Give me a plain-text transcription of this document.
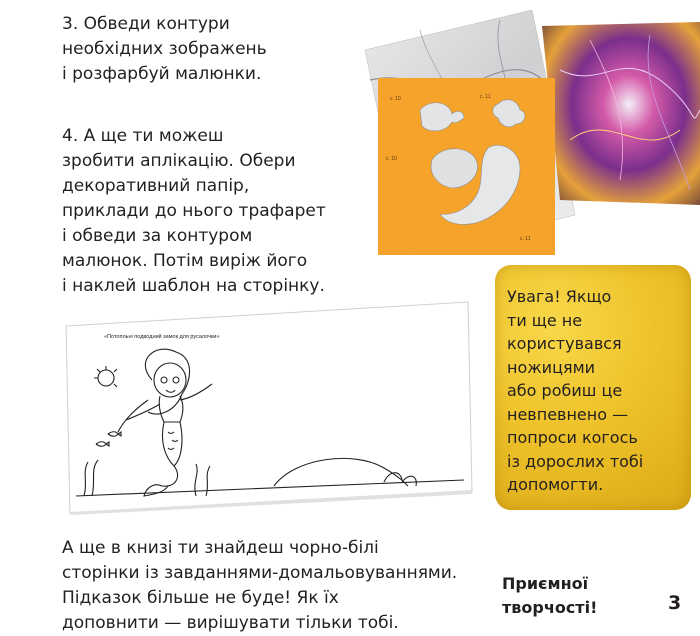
3. Обведи контури
необхідних зображень
і розфарбуй малюнки.
4. А ще ти можеш
зробити аплікацію. Обери
декоративний папір,
приклади до нього трафарет
і обведи за контуром
малюнок. Потім виріж його
і наклей шаблон на сторінку.
с. 10	с. 11
с. 10
с. 11
«Потопльні подводний замок для русалочки»
Увага! Якщо
ти ще не
користувався
ножицями
або робиш це
невпевнено —
попроси когось
із дорослих тобі
допомогти.
А ще в книзі ти знайдеш чорно-білі
сторінки із завданнями-домальовуваннями.
Підказок більше не буде! Як їх
доповнити — вирішувати тільки тобі.
Приємної
творчості!	3
